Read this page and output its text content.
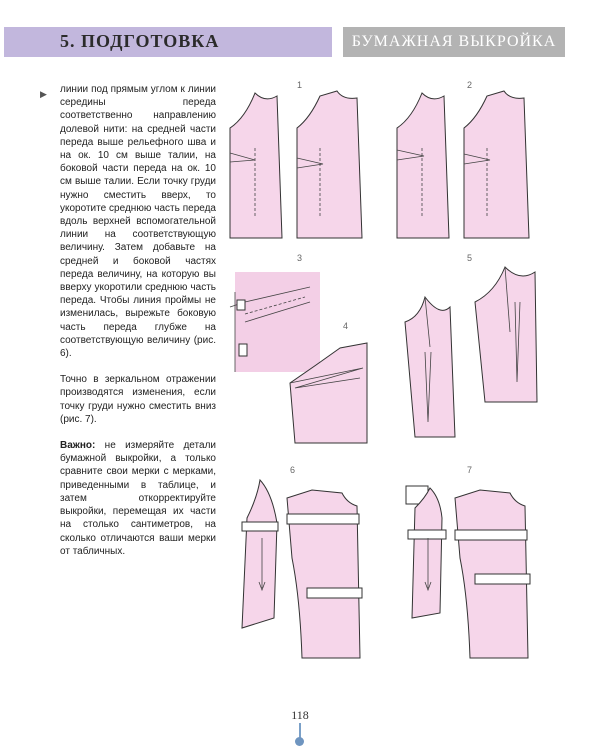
5. ПОДГОТОВКА	БУМАЖНАЯ ВЫКРОЙКА
▶ линии под прямым углом к линии середины переда соответственно направлению долевой нити: на средней части переда выше рельефного шва и на ок. 10 см выше талии, на боковой части переда на ок. 10 см выше талии. Если точку груди нужно сместить вверх, то укоротите среднюю часть переда вдоль верхней вспомогательной линии на соответствующую величину. Затем добавьте на средней и боковой частях переда величину, на которую вы вверху укоротили среднюю часть переда. Чтобы линия проймы не изменилась, вырежьте боковую часть переда глубже на соответствующую величину (рис. 6).

Точно в зеркальном отражении производятся изменения, если точку груди нужно сместить вниз (рис. 7).

Важно: не измеряйте детали бумажной выкройки, а только сравните свои мерки с мерками, приведенными в таблице, и затем откорректируйте выкройки, перемещая их части на столько сантиметров, на сколько отличаются ваши мерки от табличных.

1	2
3
4
5
6	7
118
